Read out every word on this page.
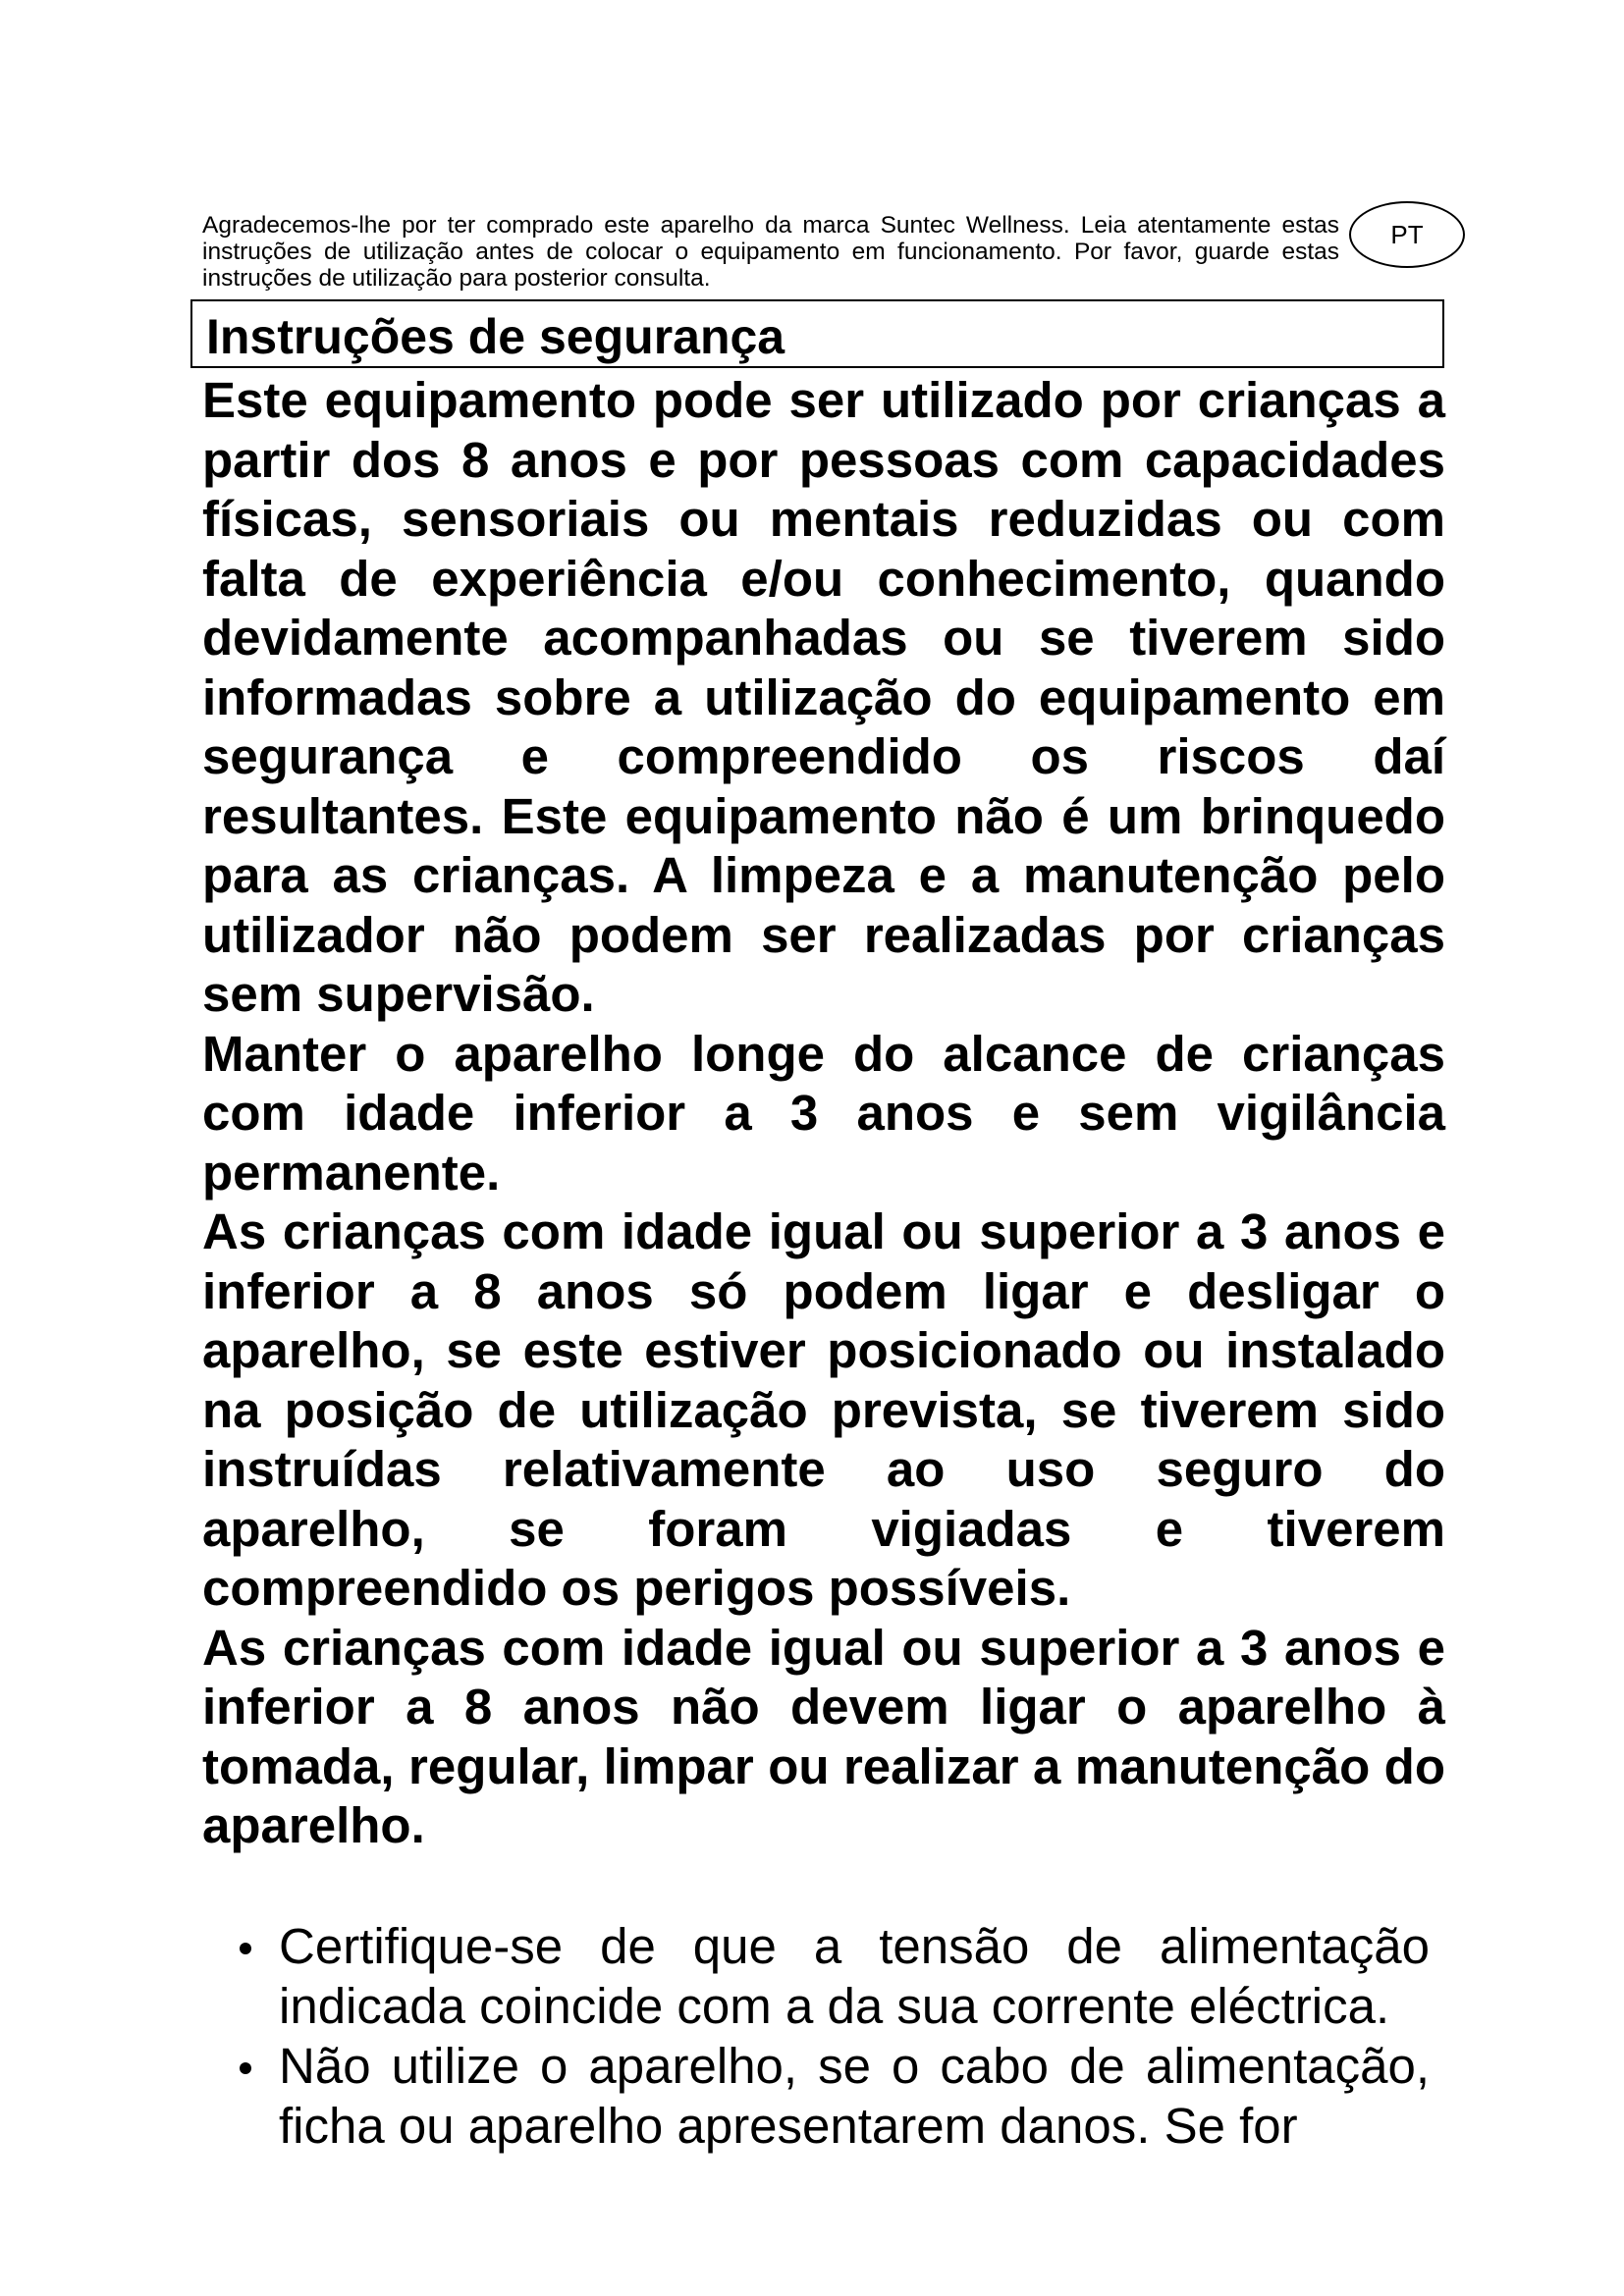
Agradecemos-lhe por ter comprado este aparelho da marca Suntec Wellness. Leia atentamente estas instruções de utilização antes de colocar o equipamento em funcionamento. Por favor, guarde estas instruções de utilização para posterior consulta.
PT
Instruções de segurança

Este equipamento pode ser utilizado por crianças a partir dos 8 anos e por pessoas com capacidades físicas, sensoriais ou mentais reduzidas ou com falta de experiência e/ou conhecimento, quando devidamente acompanhadas ou se tiverem sido informadas sobre a utilização do equipamento em segurança e compreendido os riscos daí resultantes. Este equipamento não é um brinquedo para as crianças. A limpeza e a manutenção pelo utilizador não podem ser realizadas por crianças sem supervisão.

Manter o aparelho longe do alcance de crianças com idade inferior a 3 anos e sem vigilância permanente.

As crianças com idade igual ou superior a 3 anos e inferior a 8 anos só podem ligar e desligar o aparelho, se este estiver posicionado ou instalado na posição de utilização prevista, se tiverem sido instruídas relativamente ao uso seguro do aparelho, se foram vigiadas e tiverem compreendido os perigos possíveis.

As crianças com idade igual ou superior a 3 anos e inferior a 8 anos não devem ligar o aparelho à tomada, regular, limpar ou realizar a manutenção do aparelho.

Certifique-se de que a tensão de alimentação indicada coincide com a da sua corrente eléctrica.
Não utilize o aparelho, se o cabo de alimentação, ficha ou aparelho apresentarem danos. Se for
